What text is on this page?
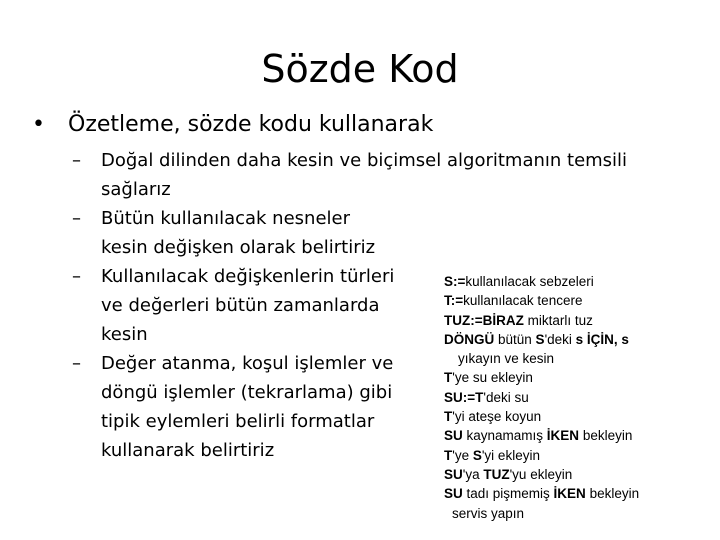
Sözde Kod
• Özetleme, sözde kodu kullanarak
– Doğal dilinden daha kesin ve biçimsel algoritmanın temsili
sağlarız
– Bütün kullanılacak nesneler
kesin değişken olarak belirtiriz
– Kullanılacak değişkenlerin türleri
ve değerleri bütün zamanlarda
kesin
– Değer atanma, koşul işlemler ve
döngü işlemler (tekrarlama) gibi
tipik eylemleri belirli formatlar
kullanarak belirtiriz
S:=kullanılacak sebzeleri
T:=kullanılacak tencere
TUZ:=BİRAZ miktarlı tuz
DÖNGÜ bütün S'deki s İÇİN, s
yıkayın ve kesin
T'ye su ekleyin
SU:=T'deki su
T'yi ateşe koyun
SU kaynamamış İKEN bekleyin
T'ye S'yi ekleyin
SU'ya TUZ'yu ekleyin
SU tadı pişmemiş İKEN bekleyin
servis yapın
